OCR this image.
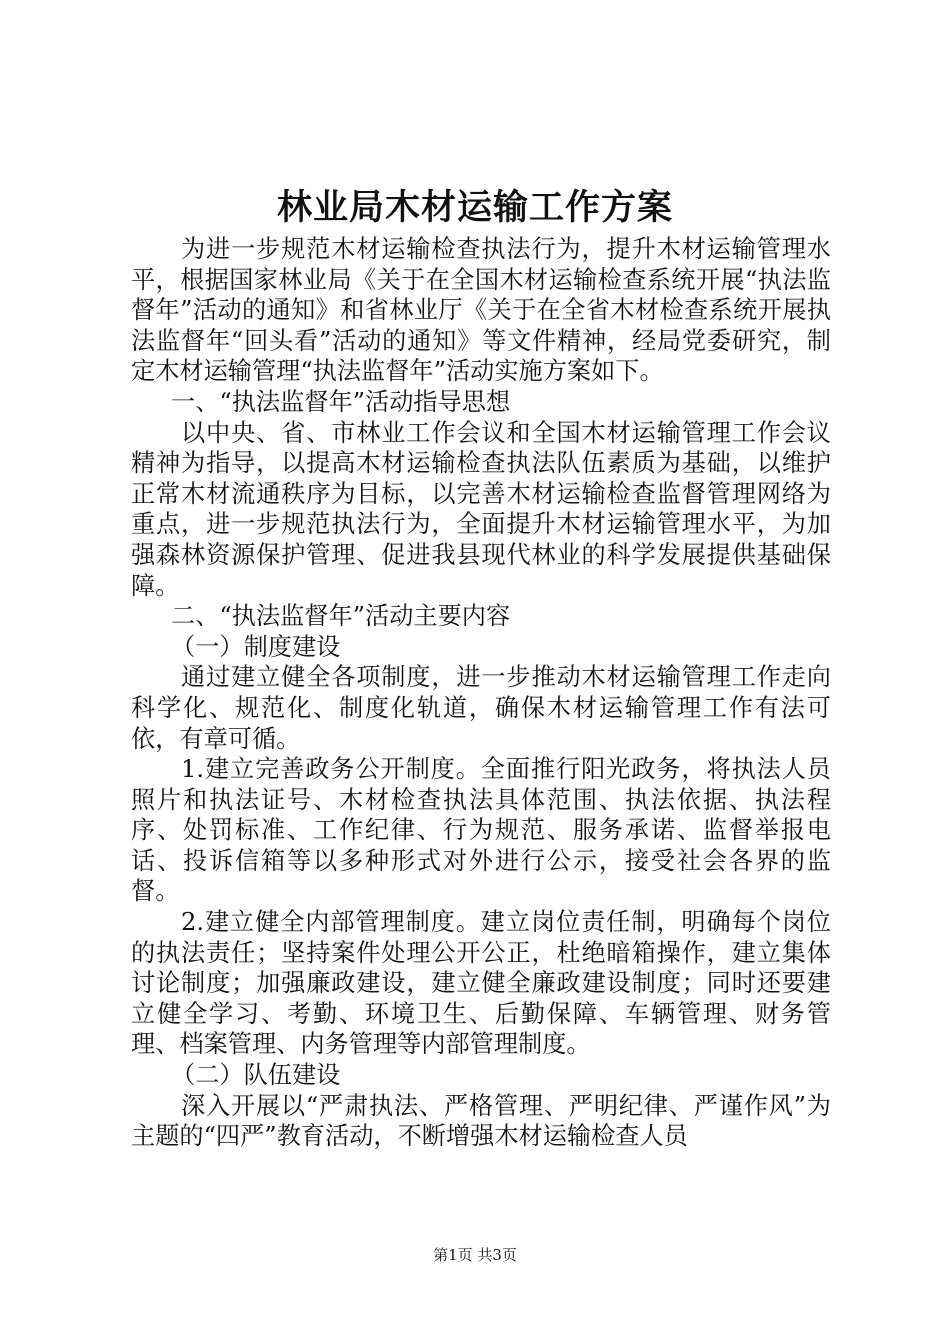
林业局木材运输工作方案

为进一步规范木材运输检查执法行为，提升木材运输管理水平，根据国家林业局《关于在全国木材运输检查系统开展“执法监督年”活动的通知》和省林业厅《关于在全省木材检查系统开展执法监督年“回头看”活动的通知》等文件精神，经局党委研究，制定木材运输管理“执法监督年”活动实施方案如下。

一、“执法监督年”活动指导思想

以中央、省、市林业工作会议和全国木材运输管理工作会议精神为指导，以提高木材运输检查执法队伍素质为基础，以维护正常木材流通秩序为目标，以完善木材运输检查监督管理网络为重点，进一步规范执法行为，全面提升木材运输管理水平，为加强森林资源保护管理、促进我县现代林业的科学发展提供基础保障。

二、“执法监督年”活动主要内容

（一）制度建设

通过建立健全各项制度，进一步推动木材运输管理工作走向科学化、规范化、制度化轨道，确保木材运输管理工作有法可依，有章可循。

1.建立完善政务公开制度。全面推行阳光政务，将执法人员照片和执法证号、木材检查执法具体范围、执法依据、执法程序、处罚标准、工作纪律、行为规范、服务承诺、监督举报电话、投诉信箱等以多种形式对外进行公示，接受社会各界的监督。

2.建立健全内部管理制度。建立岗位责任制，明确每个岗位的执法责任；坚持案件处理公开公正，杜绝暗箱操作，建立集体讨论制度；加强廉政建设，建立健全廉政建设制度；同时还要建立健全学习、考勤、环境卫生、后勤保障、车辆管理、财务管理、档案管理、内务管理等内部管理制度。

（二）队伍建设

深入开展以“严肃执法、严格管理、严明纪律、严谨作风”为主题的“四严”教育活动，不断增强木材运输检查人员

第1页 共3页
